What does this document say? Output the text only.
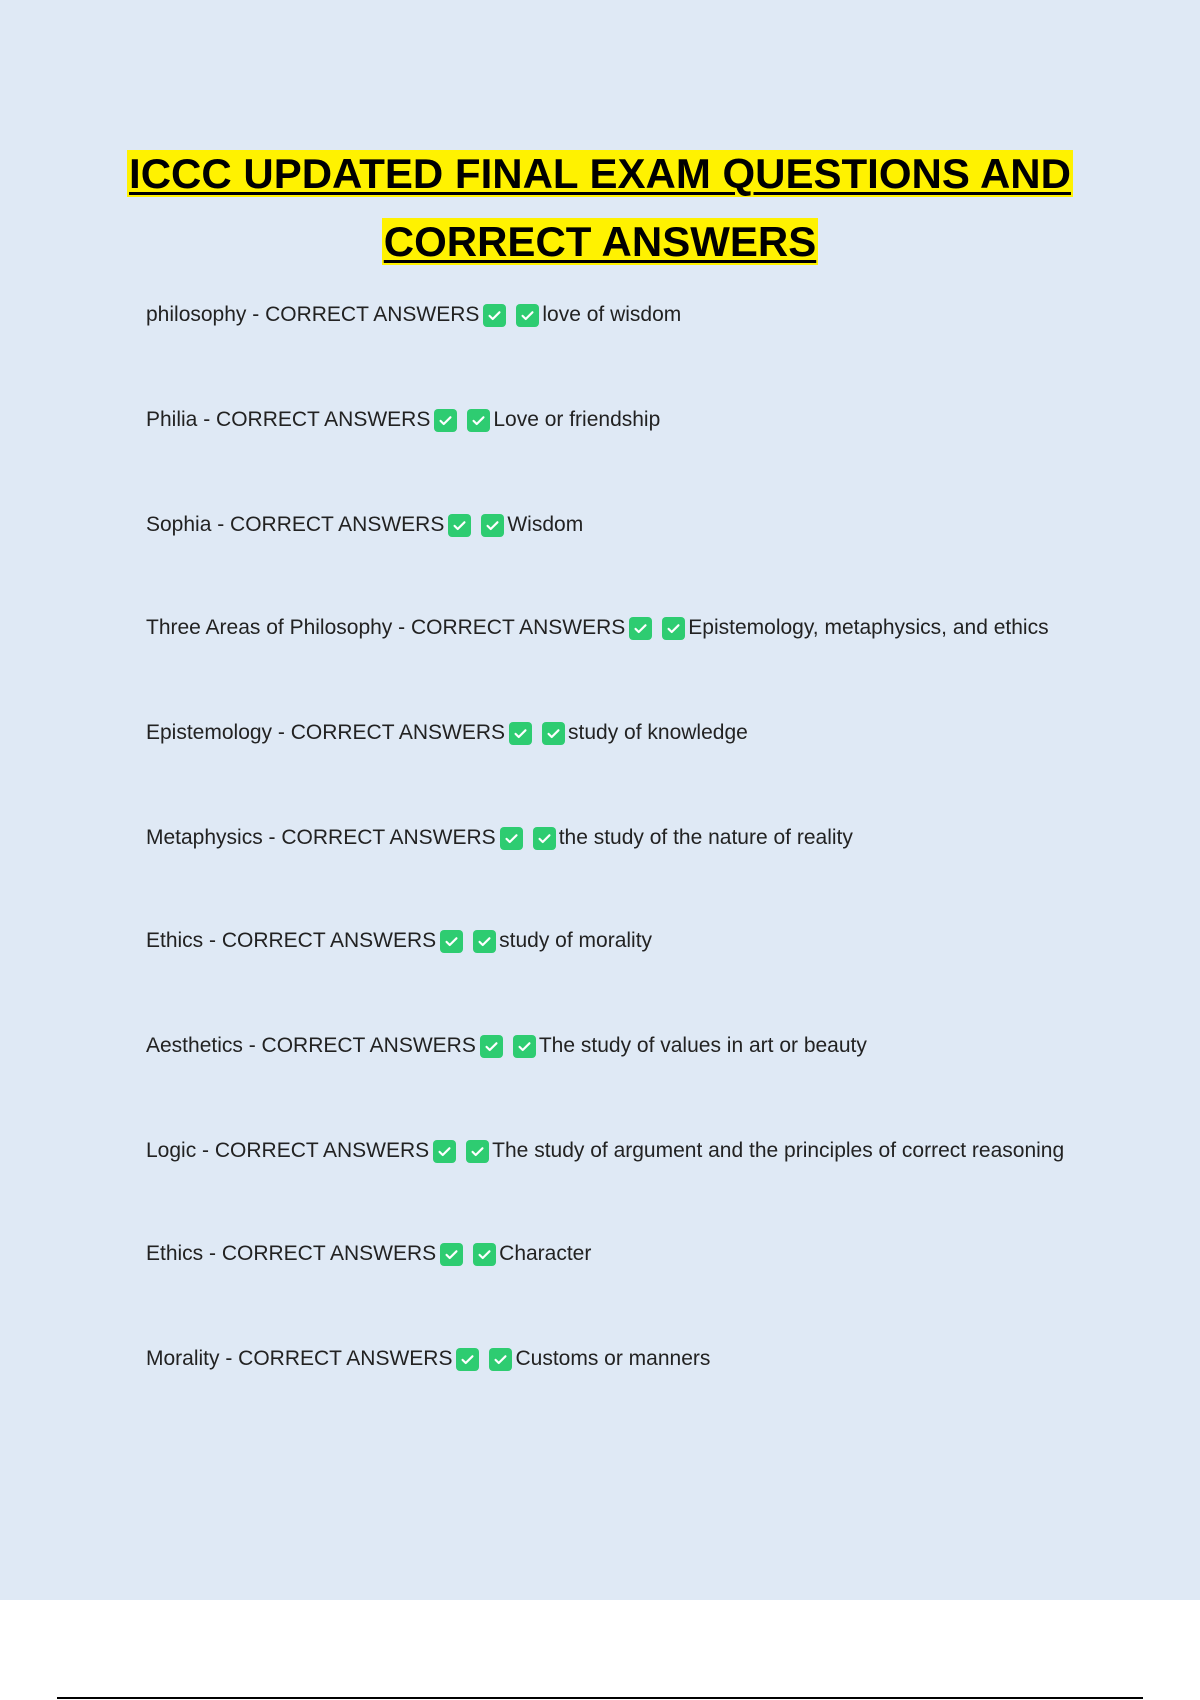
ICCC UPDATED FINAL EXAM QUESTIONS AND
CORRECT ANSWERS
philosophy - CORRECT ANSWERS	love of wisdom
Philia - CORRECT ANSWERS	Love or friendship
Sophia - CORRECT ANSWERS	Wisdom
Three Areas of Philosophy - CORRECT ANSWERS	Epistemology, metaphysics, and ethics
Epistemology - CORRECT ANSWERS	study of knowledge
Metaphysics - CORRECT ANSWERS	the study of the nature of reality
Ethics - CORRECT ANSWERS	study of morality
Aesthetics - CORRECT ANSWERS	The study of values in art or beauty
Logic - CORRECT ANSWERS	The study of argument and the principles of correct reasoning
Ethics - CORRECT ANSWERS	Character
Morality - CORRECT ANSWERS	Customs or manners
